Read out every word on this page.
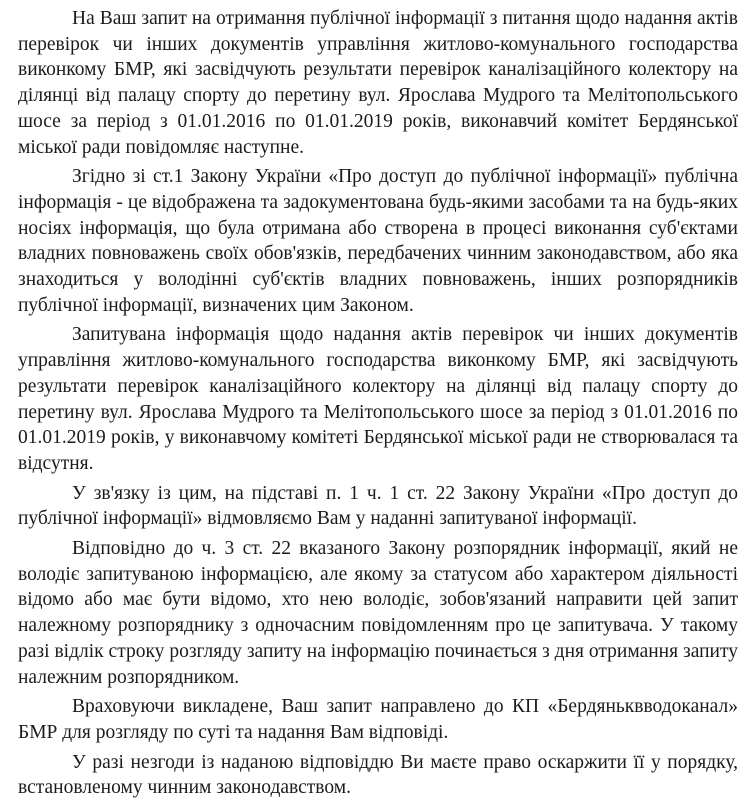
На Ваш запит на отримання публічної інформації з питання щодо надання актів перевірок чи інших документів управління житлово-комунального господарства виконкому БМР, які засвідчують результати перевірок каналізаційного колектору на ділянці від палацу спорту до перетину вул. Ярослава Мудрого та Мелітопольського шосе за період з 01.01.2016 по 01.01.2019 років, виконавчий комітет Бердянської міської ради повідомляє наступне.

Згідно зі ст.1 Закону України «Про доступ до публічної інформації» публічна інформація - це відображена та задокументована будь-якими засобами та на будь-яких носіях інформація, що була отримана або створена в процесі виконання суб'єктами владних повноважень своїх обов'язків, передбачених чинним законодавством, або яка знаходиться у володінні суб'єктів владних повноважень, інших розпорядників публічної інформації, визначених цим Законом.

Запитувана інформація щодо надання актів перевірок чи інших документів управління житлово-комунального господарства виконкому БМР, які засвідчують результати перевірок каналізаційного колектору на ділянці від палацу спорту до перетину вул. Ярослава Мудрого та Мелітопольського шосе за період з 01.01.2016 по 01.01.2019 років, у виконавчому комітеті Бердянської міської ради не створювалася та відсутня.

У зв'язку із цим, на підставі п. 1 ч. 1 ст. 22 Закону України «Про доступ до публічної інформації» відмовляємо Вам у наданні запитуваної інформації.

Відповідно до ч. 3 ст. 22 вказаного Закону розпорядник інформації, який не володіє запитуваною інформацією, але якому за статусом або характером діяльності відомо або має бути відомо, хто нею володіє, зобов'язаний направити цей запит належному розпоряднику з одночасним повідомленням про це запитувача. У такому разі відлік строку розгляду запиту на інформацію починається з дня отримання запиту належним розпорядником.

Враховуючи викладене, Ваш запит направлено до КП «Бердяньквводоканал» БМР для розгляду по суті та надання Вам відповіді.

У разі незгоди із наданою відповіддю Ви маєте право оскаржити її у порядку, встановленому чинним законодавством.
